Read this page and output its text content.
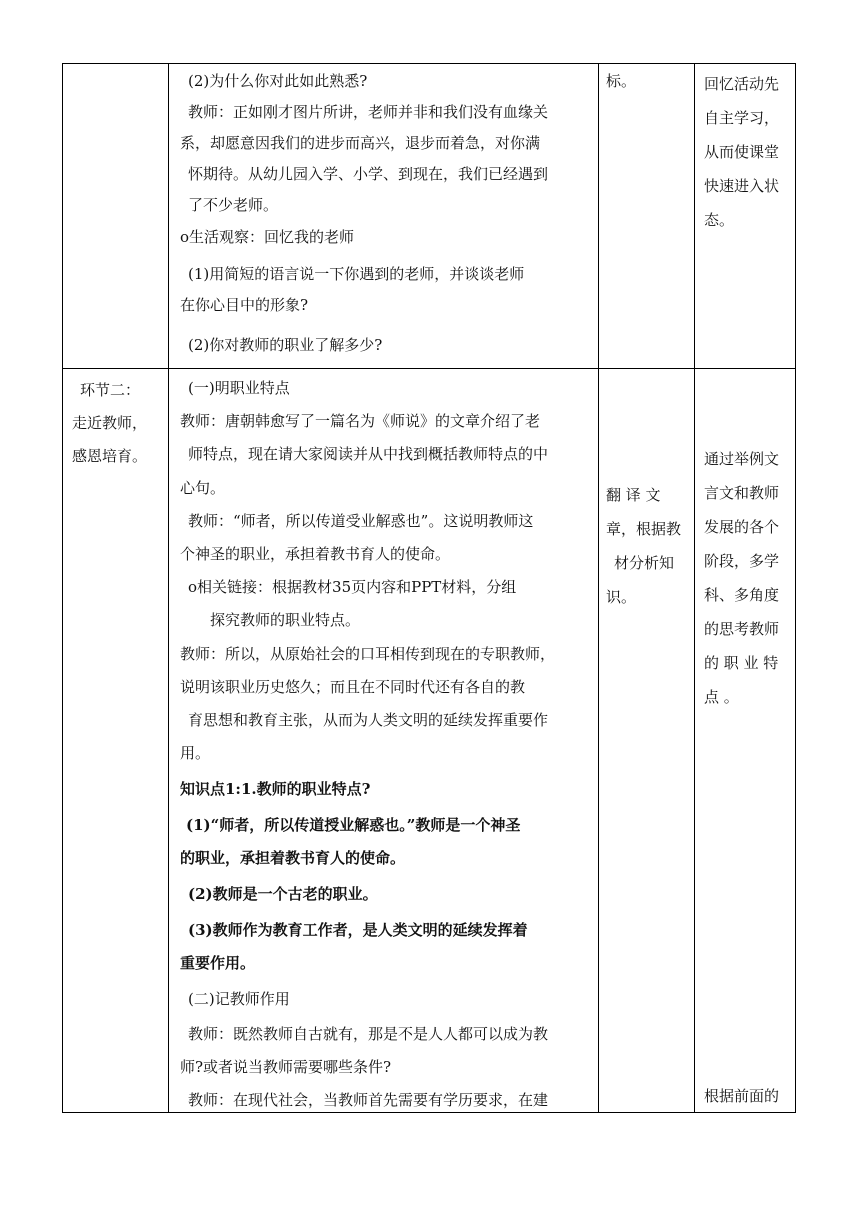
(2)为什么你对此如此熟悉?

教师：正如刚才图片所讲，老师并非和我们没有血缘关

系，却愿意因我们的进步而高兴，退步而着急，对你满

怀期待。从幼儿园入学、小学、到现在，我们已经遇到

了不少老师。

o生活观察：回忆我的老师

(1)用简短的语言说一下你遇到的老师，并谈谈老师

在你心目中的形象?

(2)你对教师的职业了解多少?

标。	回忆活动先

自主学习，

从而使课堂

快速进入状

态。

环节二：

走近教师，

感恩培育。

(一)明职业特点

教师：唐朝韩愈写了一篇名为《师说》的文章介绍了老

师特点，现在请大家阅读并从中找到概括教师特点的中

心句。

教师：“师者，所以传道受业解惑也”。这说明教师这

个神圣的职业，承担着教书育人的使命。

o相关链接：根据教材35页内容和PPT材料，分组

探究教师的职业特点。

教师：所以，从原始社会的口耳相传到现在的专职教师，

说明该职业历史悠久；而且在不同时代还有各自的教

育思想和教育主张，从而为人类文明的延续发挥重要作

用。

知识点1:1.教师的职业特点?

(1)“师者，所以传道授业解惑也。”教师是一个神圣

的职业，承担着教书育人的使命。

(2)教师是一个古老的职业。

(3)教师作为教育工作者，是人类文明的延续发挥着

重要作用。

(二)记教师作用

教师：既然教师自古就有，那是不是人人都可以成为教

师?或者说当教师需要哪些条件?

教师：在现代社会，当教师首先需要有学历要求，在建

翻 译 文

章，根据教

材分析知

识。

通过举例文

言文和教师

发展的各个

阶段，多学

科、多角度

的思考教师

的 职 业 特

点 。

根据前面的
